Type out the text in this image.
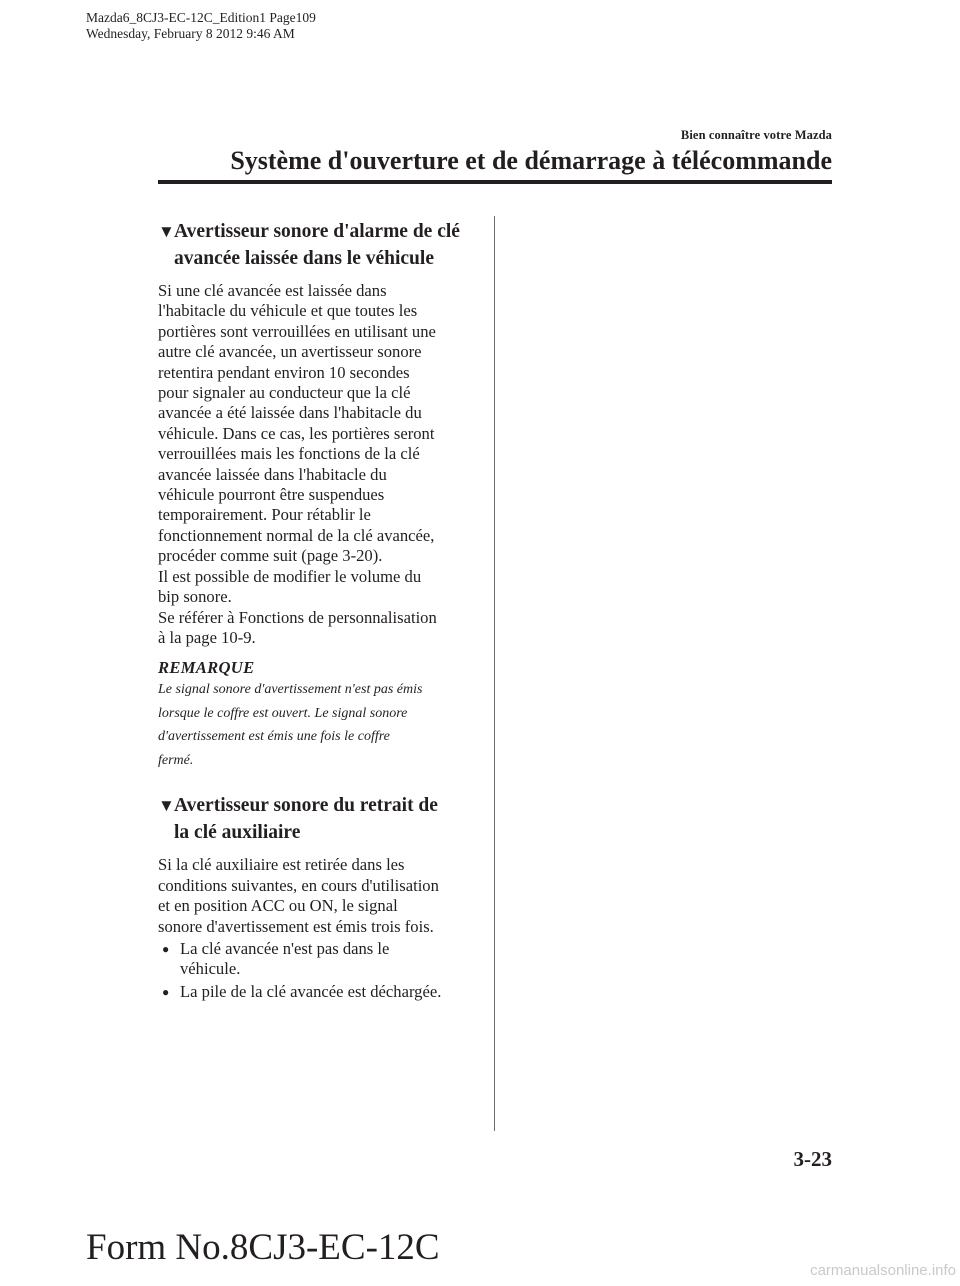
Mazda6_8CJ3-EC-12C_Edition1 Page109
Wednesday, February 8 2012 9:46 AM
Bien connaître votre Mazda
Système d'ouverture et de démarrage à télécommande
▼ Avertisseur sonore d'alarme de clé
avancée laissée dans le véhicule

Si une clé avancée est laissée dans

l'habitacle du véhicule et que toutes les

portières sont verrouillées en utilisant une

autre clé avancée, un avertisseur sonore

retentira pendant environ 10 secondes

pour signaler au conducteur que la clé

avancée a été laissée dans l'habitacle du

véhicule. Dans ce cas, les portières seront

verrouillées mais les fonctions de la clé

avancée laissée dans l'habitacle du

véhicule pourront être suspendues

temporairement. Pour rétablir le

fonctionnement normal de la clé avancée,

procéder comme suit (page 3-20).

Il est possible de modifier le volume du

bip sonore.

Se référer à Fonctions de personnalisation

à la page 10-9.

REMARQUE
Le signal sonore d'avertissement n'est pas émis
lorsque le coffre est ouvert. Le signal sonore
d'avertissement est émis une fois le coffre
fermé.
▼ Avertisseur sonore du retrait de
la clé auxiliaire

Si la clé auxiliaire est retirée dans les

conditions suivantes, en cours d'utilisation

et en position ACC ou ON, le signal

sonore d'avertissement est émis trois fois.

● La clé avancée n'est pas dans le
véhicule.
● La pile de la clé avancée est déchargée.
3-23
Form No.8CJ3-EC-12C
carmanualsonline.info
